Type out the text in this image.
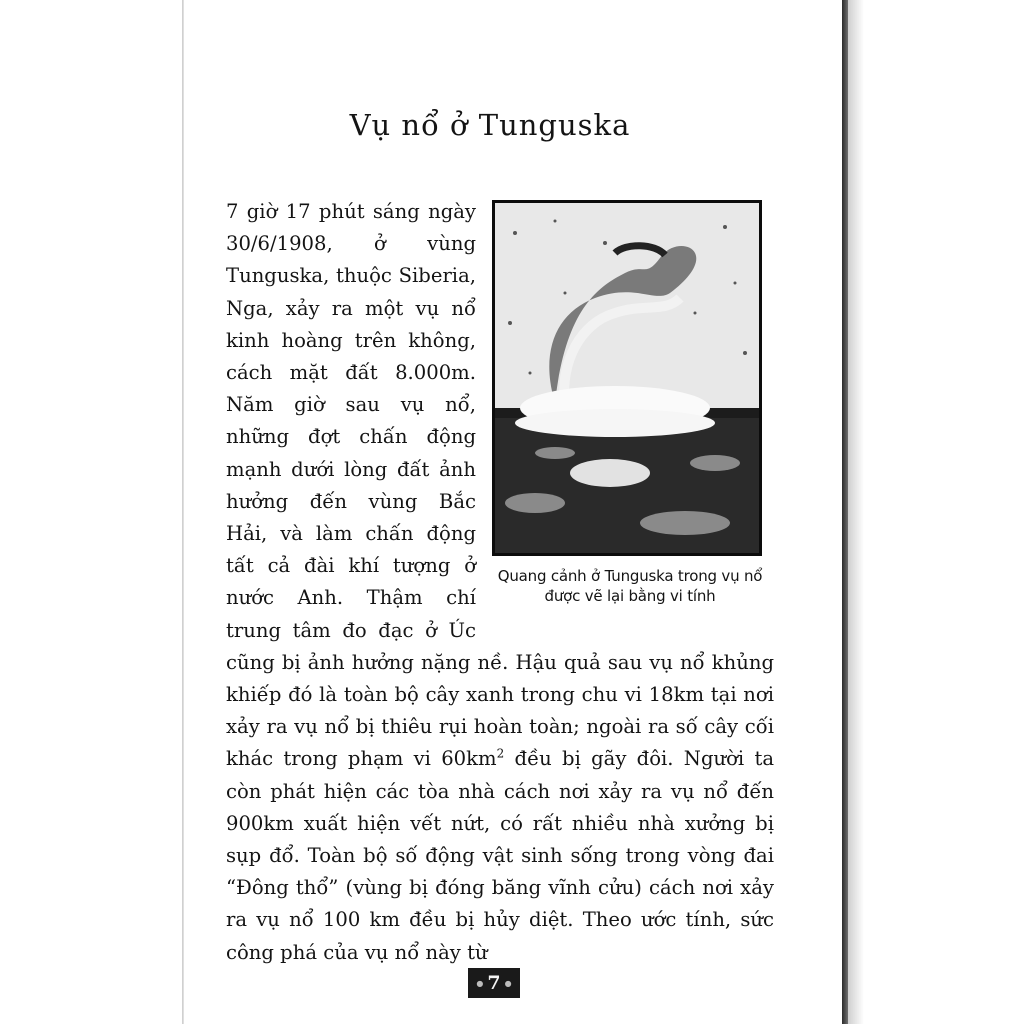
Vụ nổ ở Tunguska
Quang cảnh ở Tunguska trong vụ nổ
được vẽ lại bằng vi tính
7 giờ 17 phút sáng ngày 30/6/1908, ở vùng Tunguska, thuộc Siberia, Nga, xảy ra một vụ nổ kinh hoàng trên không, cách mặt đất 8.000m. Năm giờ sau vụ nổ, những đợt chấn động mạnh dưới lòng đất ảnh hưởng đến vùng Bắc Hải, và làm chấn động tất cả đài khí tượng ở nước Anh. Thậm chí trung tâm đo đạc ở Úc cũng bị ảnh hưởng nặng nề. Hậu quả sau vụ nổ khủng khiếp đó là toàn bộ cây xanh trong chu vi 18km tại nơi xảy ra vụ nổ bị thiêu rụi hoàn toàn; ngoài ra số cây cối khác trong phạm vi $60km^2$ đều bị gãy đôi. Người ta còn phát hiện các tòa nhà cách nơi xảy ra vụ nổ đến 900km xuất hiện vết nứt, có rất nhiều nhà xưởng bị sụp đổ. Toàn bộ số động vật sinh sống trong vòng đai “Đông thổ” (vùng bị đóng băng vĩnh cửu) cách nơi xảy ra vụ nổ 100 km đều bị hủy diệt. Theo ước tính, sức công phá của vụ nổ này từ
● 7 ●
